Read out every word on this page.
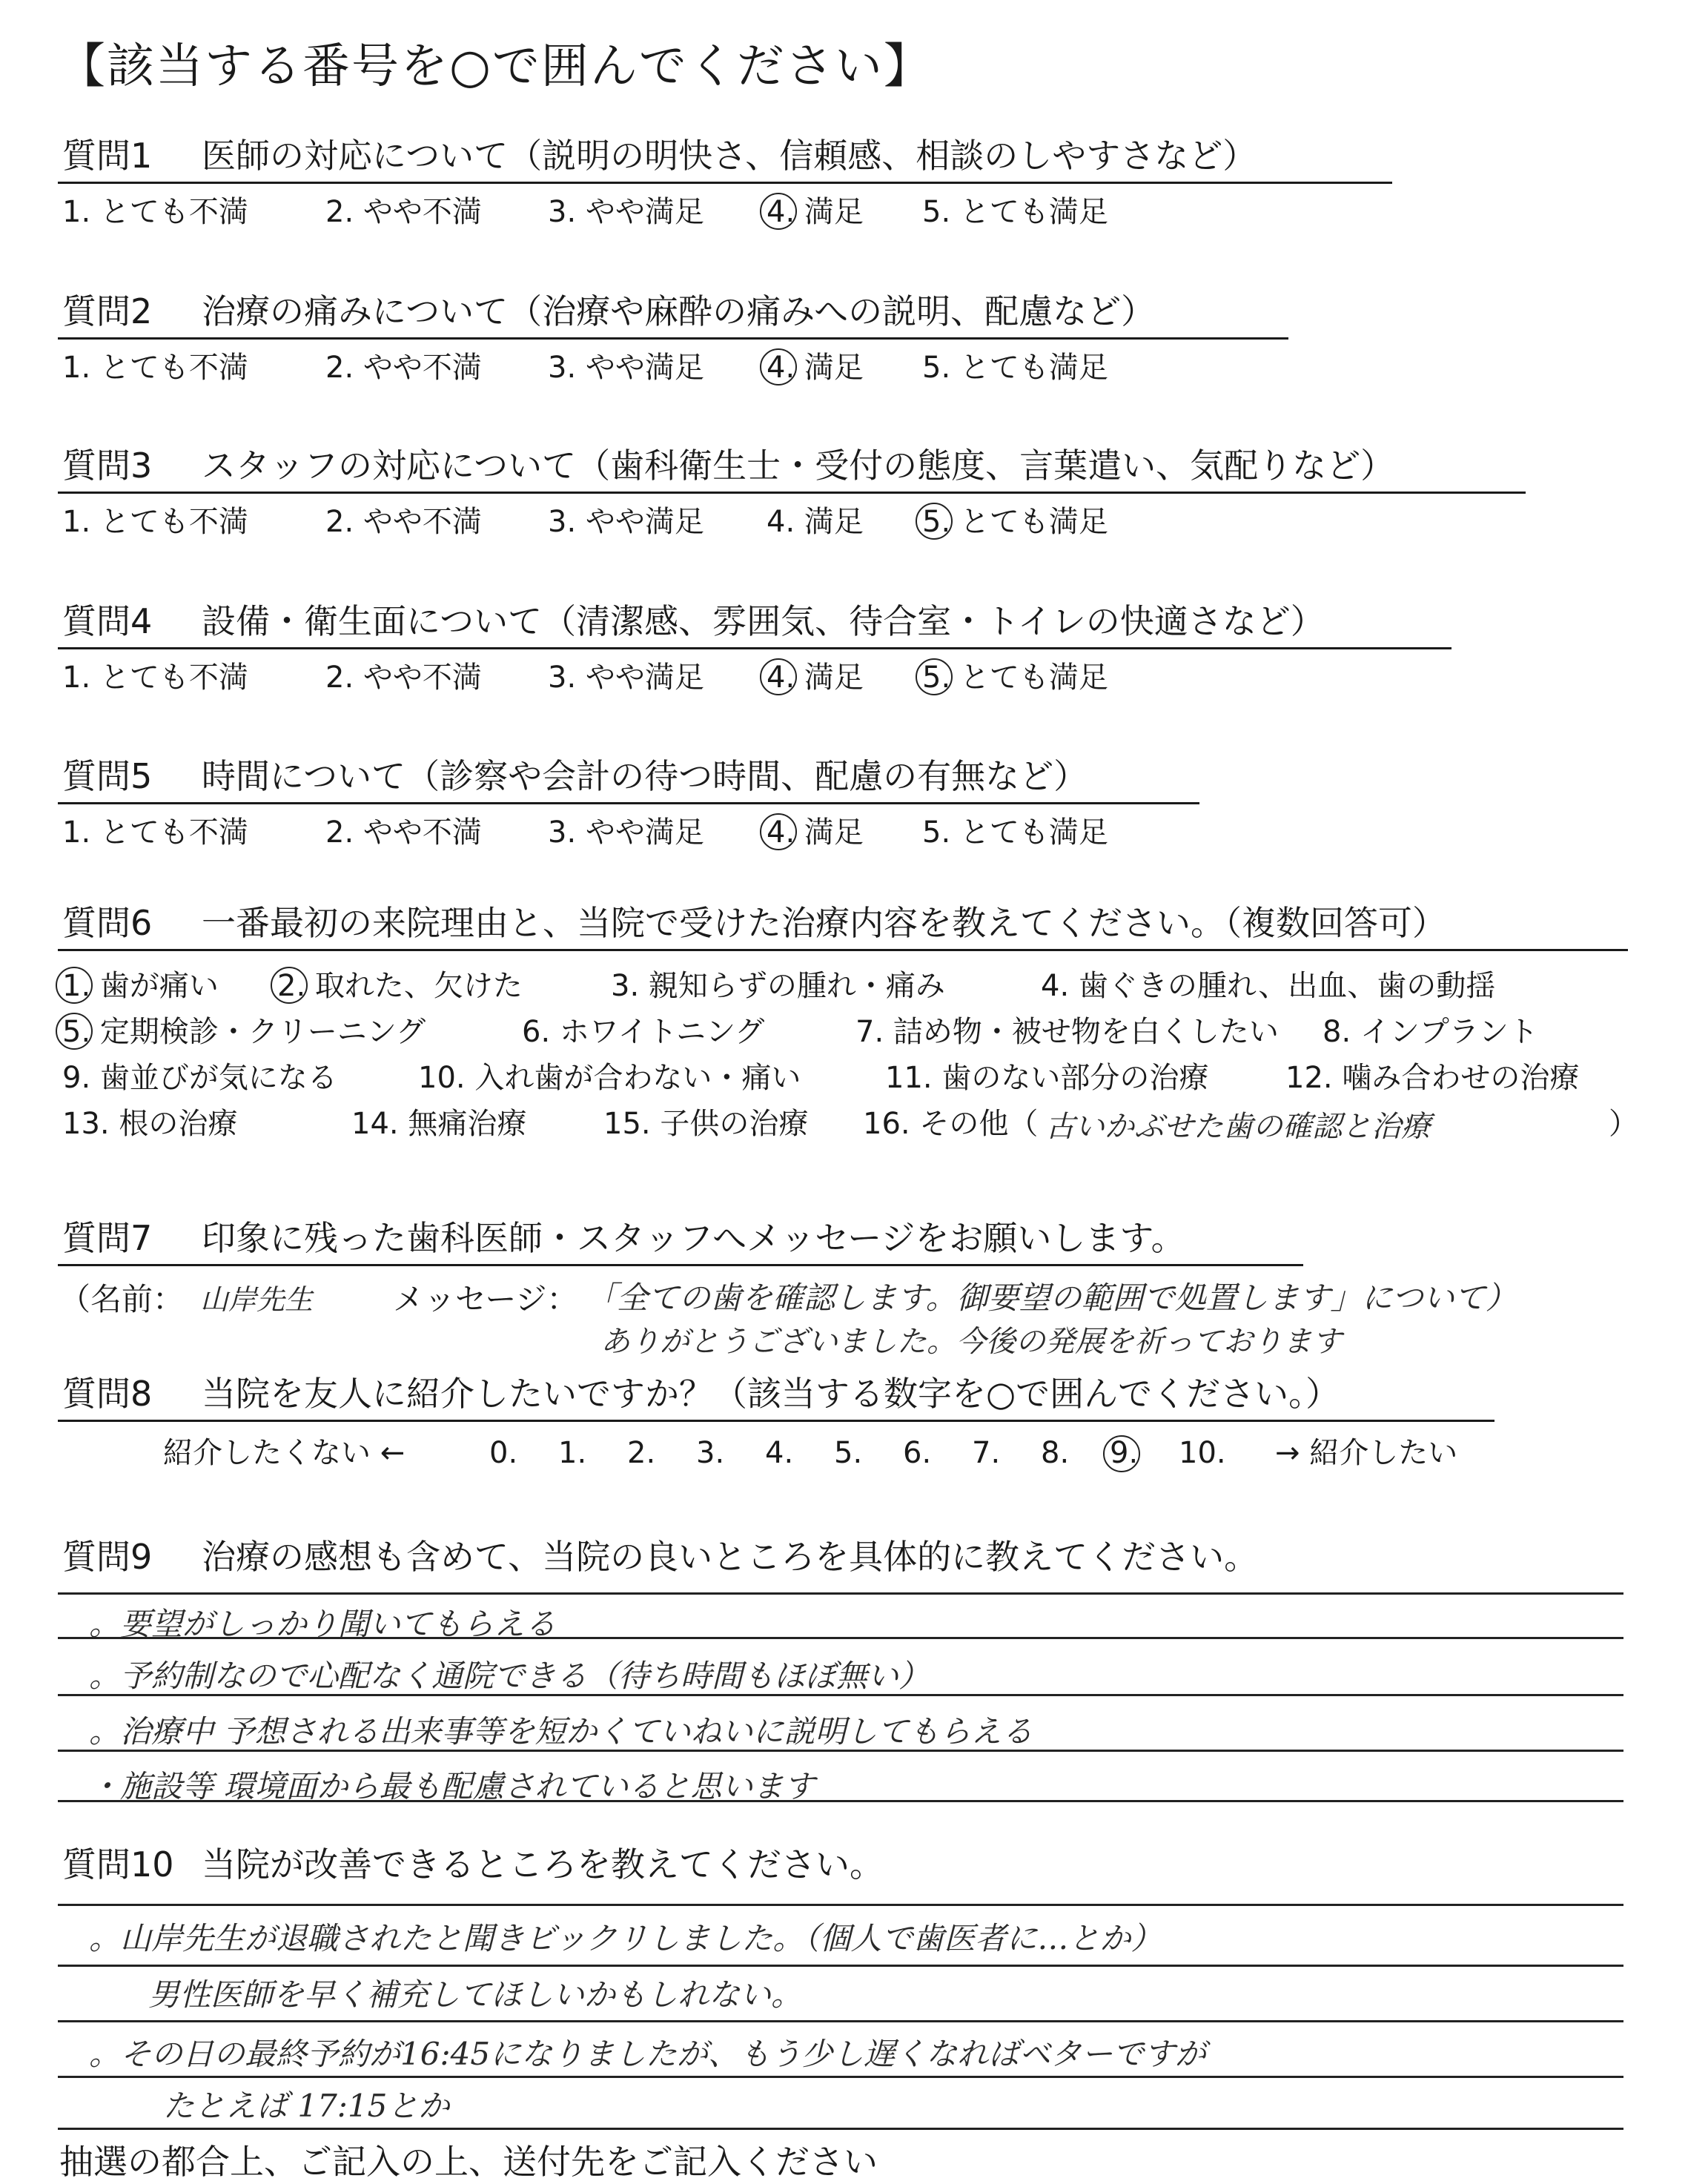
【該当する番号を○で囲んでください】
質問1 医師の対応について（説明の明快さ、信頼感、相談のしやすさなど）
1. とても不満	2. やや不満 3. やや満足 4. 満足 5. とても満足
質問2 治療の痛みについて（治療や麻酔の痛みへの説明、配慮など）
1. とても不満	2. やや不満 3. やや満足 4. 満足 5. とても満足
質問3 スタッフの対応について（歯科衛生士・受付の態度、言葉遣い、気配りなど）
1. とても不満	2. やや不満 3. やや満足 4. 満足 5. とても満足
質問4 設備・衛生面について（清潔感、雰囲気、待合室・トイレの快適さなど）
1. とても不満	2. やや不満 3. やや満足 4. 満足 5. とても満足
質問5 時間について（診察や会計の待つ時間、配慮の有無など）
1. とても不満	2. やや不満 3. やや満足 4. 満足 5. とても満足
質問6 一番最初の来院理由と、当院で受けた治療内容を教えてください。（複数回答可）
1. 歯が痛い 2. 取れた、欠けた	3. 親知らずの腫れ・痛み	4. 歯ぐきの腫れ、出血、歯の動揺
5. 定期検診・クリーニング	6. ホワイトニング	7. 詰め物・被せ物を白くしたい 8. インプラント
9. 歯並びが気になる	10. 入れ歯が合わない・痛い	11. 歯のない部分の治療	12. 噛み合わせの治療
13. 根の治療	14. 無痛治療	15. 子供の治療 16. その他（ 古いかぶせた歯の確認と治療	）
質問7 印象に残った歯科医師・スタッフへメッセージをお願いします。
（名前： 山岸先生	メッセージ： 「全ての歯を確認します。御要望の範囲で処置します」について）
ありがとうございました。今後の発展を祈っております
質問8 当院を友人に紹介したいですか？（該当する数字を○で囲んでください。）
紹介したくない ←	0. 1. 2. 3. 4. 5. 6. 7. 8. 9. 10. → 紹介したい
質問9 治療の感想も含めて、当院の良いところを具体的に教えてください。
。要望がしっかり聞いてもらえる
。予約制なので心配なく通院できる（待ち時間もほぼ無い）
。治療中 予想される出来事等を短かくていねいに説明してもらえる
・施設等 環境面から最も配慮されていると思います
質問10 当院が改善できるところを教えてください。
。山岸先生が退職されたと聞きビックリしました。（個人で歯医者に…とか）
男性医師を早く補充してほしいかもしれない。
。その日の最終予約が16:45になりましたが、もう少し遅くなればベターですが
たとえば 17:15とか
抽選の都合上、ご記入の上、送付先をご記入ください
